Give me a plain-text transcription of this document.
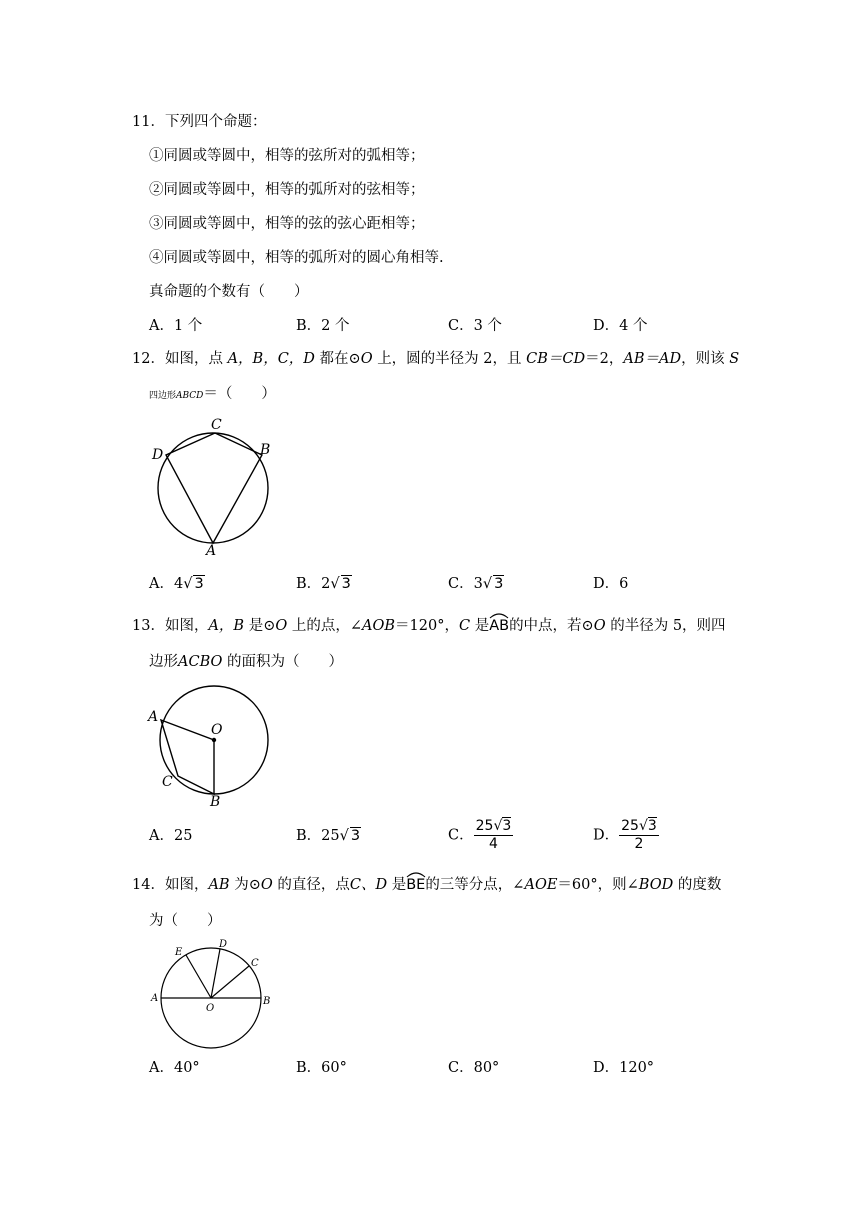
11．下列四个命题：
①同圆或等圆中，相等的弦所对的弧相等；
②同圆或等圆中，相等的弧所对的弦相等；
③同圆或等圆中，相等的弦的弦心距相等；
④同圆或等圆中，相等的弧所对的圆心角相等.
真命题的个数有（　　）
A．1 个	B．2 个	C．3 个	D．4 个
12．如图，点 A，B，C，D 都在⊙O 上，圆的半径为 2，且 CB＝CD＝2，AB＝AD，则该 S
四边形ABCD＝（　　）
C
D	B
A
A．4√ 3	B．2√ 3	C．3√ 3	D．6
13．如图，A，B 是⊙O 上的点，∠AOB＝120°，C 是AB
的中点，若⊙O 的半径为 5，则四
边形ACBO 的面积为（　　）
A
O
C
B
A．25	B．25√ 3	C． $\frac{25√3}{4}$	D． $\frac{25√3}{2}$
14．如图，AB 为⊙O 的直径，点C、D 是BE
的三等分点，∠AOE＝60°，则∠BOD 的度数
为（　　）
E
D
C
A	B
O
A．40°	B．60°	C．80°	D．120°
